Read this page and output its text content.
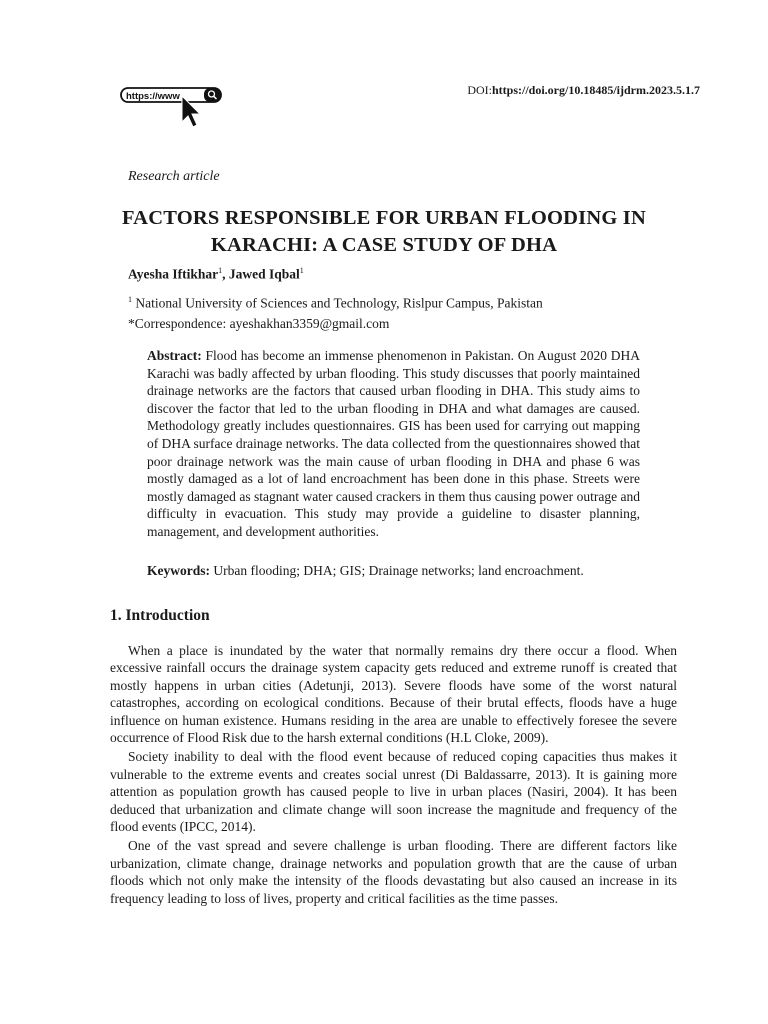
https://www	DOI:https://doi.org/10.18485/ijdrm.2023.5.1.7
Research article
FACTORS RESPONSIBLE FOR URBAN FLOODING IN KARACHI: A CASE STUDY OF DHA
Ayesha Iftikhar$^1$, Jawed Iqbal$^1$
$^1$ National University of Sciences and Technology, Rislpur Campus, Pakistan
*Correspondence: ayeshakhan3359@gmail.com
Abstract: Flood has become an immense phenomenon in Pakistan. On August 2020 DHA Karachi was badly affected by urban flooding. This study discusses that poorly maintained drainage networks are the factors that caused urban flooding in DHA. This study aims to discover the factor that led to the urban flooding in DHA and what damages are caused. Methodology greatly includes questionnaires. GIS has been used for carrying out mapping of DHA surface drainage networks. The data collected from the questionnaires showed that poor drainage network was the main cause of urban flooding in DHA and phase 6 was mostly damaged as a lot of land encroachment has been done in this phase. Streets were mostly damaged as stagnant water caused crackers in them thus causing power outrage and difficulty in evacuation. This study may provide a guideline to disaster planning, management, and development authorities.
Keywords: Urban flooding; DHA; GIS; Drainage networks; land encroachment.
1. Introduction

When a place is inundated by the water that normally remains dry there occur a flood. When excessive rainfall occurs the drainage system capacity gets reduced and extreme runoff is created that mostly happens in urban cities (Adetunji, 2013). Severe floods have some of the worst natural catastrophes, according on ecological conditions. Because of their brutal effects, floods have a huge influence on human existence. Humans residing in the area are unable to effectively foresee the severe occurrence of Flood Risk due to the harsh external conditions (H.L Cloke, 2009).

Society inability to deal with the flood event because of reduced coping capacities thus makes it vulnerable to the extreme events and creates social unrest (Di Baldassarre, 2013). It is gaining more attention as population growth has caused people to live in urban places (Nasiri, 2004). It has been deduced that urbanization and climate change will soon increase the magnitude and frequency of the flood events (IPCC, 2014).

One of the vast spread and severe challenge is urban flooding. There are different factors like urbanization, climate change, drainage networks and population growth that are the cause of urban floods which not only make the intensity of the floods devastating but also caused an increase in its frequency leading to loss of lives, property and critical facilities as the time passes.
